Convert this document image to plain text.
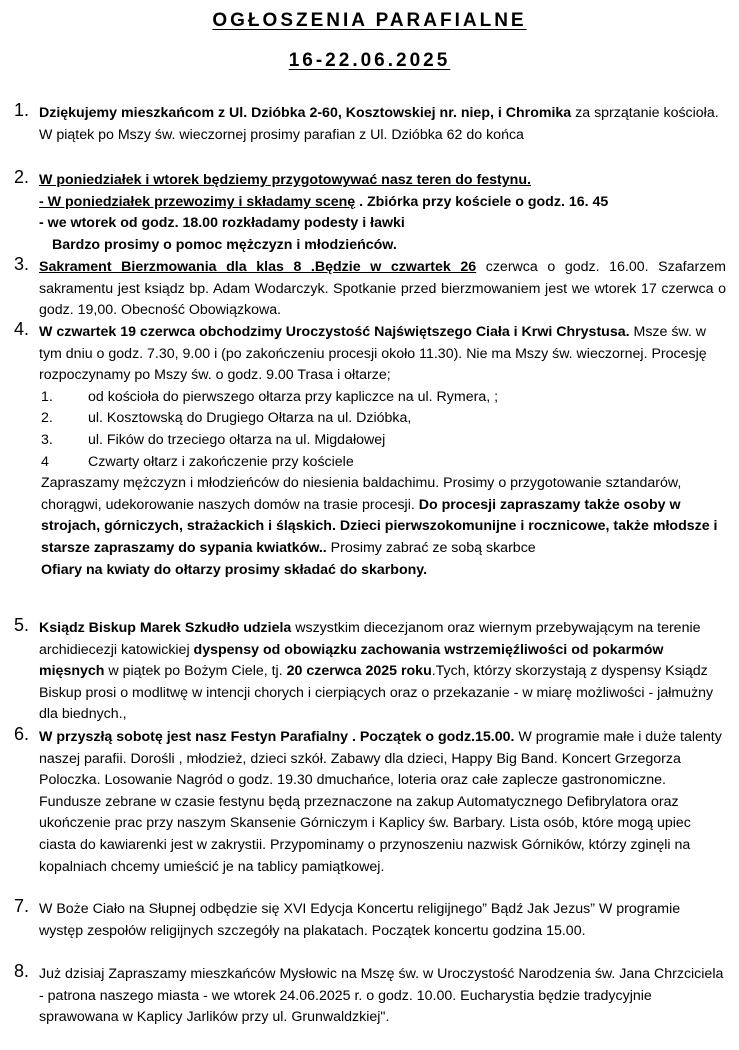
OGŁOSZENIA PARAFIALNE
16-22.06.2025
1. Dziękujemy mieszkańcom z Ul. Dzióbka 2-60, Kosztowskiej nr. niep, i Chromika za sprzątanie kościoła. W piątek po Mszy św. wieczornej prosimy parafian z Ul. Dzióbka 62 do końca
2. W poniedziałek i wtorek będziemy przygotowywać nasz teren do festynu.

- W poniedziałek przewozimy i składamy scenę . Zbiórka przy kościele o godz. 16. 45

- we wtorek od godz. 18.00 rozkładamy podesty i ławki

Bardzo prosimy o pomoc mężczyzn i młodzieńców.

3. Sakrament Bierzmowania dla klas 8 .Będzie w czwartek 26 czerwca o godz. 16.00. Szafarzem sakramentu jest ksiądz bp. Adam Wodarczyk. Spotkanie przed bierzmowaniem jest we wtorek 17 czerwca o godz. 19,00. Obecność Obowiązkowa.
4. W czwartek 19 czerwca obchodzimy Uroczystość Najświętszego Ciała i Krwi Chrystusa. Msze św. w tym dniu o godz. 7.30, 9.00 i (po zakończeniu procesji około 11.30). Nie ma Mszy św. wieczornej. Procesję rozpoczynamy po Mszy św. o godz. 9.00 Trasa i ołtarze;

1.	od kościoła do pierwszego ołtarza przy kapliczce na ul. Rymera, ;
2.	ul. Kosztowską do Drugiego Ołtarza na ul. Dzióbka,
3.	ul. Fików do trzeciego ołtarza na ul. Migdałowej
4	Czwarty ołtarz i zakończenie przy kościele

Zapraszamy mężczyzn i młodzieńców do niesienia baldachimu. Prosimy o przygotowanie sztandarów, chorągwi, udekorowanie naszych domów na trasie procesji. Do procesji zapraszamy także osoby w strojach, górniczych, strażackich i śląskich. Dzieci pierwszokomunijne i rocznicowe, także młodsze i starsze zapraszamy do sypania kwiatków.. Prosimy zabrać ze sobą skarbce

Ofiary na kwiaty do ołtarzy prosimy składać do skarbony.

5. Ksiądz Biskup Marek Szkudło udziela wszystkim diecezjanom oraz wiernym przebywającym na terenie archidiecezji katowickiej dyspensy od obowiązku zachowania wstrzemięźliwości od pokarmów mięsnych w piątek po Bożym Ciele, tj. 20 czerwca 2025 roku.Tych, którzy skorzystają z dyspensy Ksiądz Biskup prosi o modlitwę w intencji chorych i cierpiących oraz o przekazanie - w miarę możliwości - jałmużny dla biednych.,
6. W przyszłą sobotę jest nasz Festyn Parafialny . Początek o godz.15.00. W programie małe i duże talenty naszej parafii. Dorośli , młodzież, dzieci szkół. Zabawy dla dzieci, Happy Big Band. Koncert Grzegorza Poloczka. Losowanie Nagród o godz. 19.30 dmuchańce, loteria oraz całe zaplecze gastronomiczne. Fundusze zebrane w czasie festynu będą przeznaczone na zakup Automatycznego Defibrylatora oraz ukończenie prac przy naszym Skansenie Górniczym i Kaplicy św. Barbary. Lista osób, które mogą upiec ciasta do kawiarenki jest w zakrystii. Przypominamy o przynoszeniu nazwisk Górników, którzy zginęli na kopalniach chcemy umieścić je na tablicy pamiątkowej.
7. W Boże Ciało na Słupnej odbędzie się XVI Edycja Koncertu religijnego” Bądź Jak Jezus” W programie występ zespołów religijnych szczegóły na plakatach. Początek koncertu godzina 15.00.
8. Już dzisiaj Zapraszamy mieszkańców Mysłowic na Mszę św. w Uroczystość Narodzenia św. Jana Chrzciciela - patrona naszego miasta - we wtorek 24.06.2025 r. o godz. 10.00. Eucharystia będzie tradycyjnie sprawowana w Kaplicy Jarlików przy ul. Grunwaldzkiej".
